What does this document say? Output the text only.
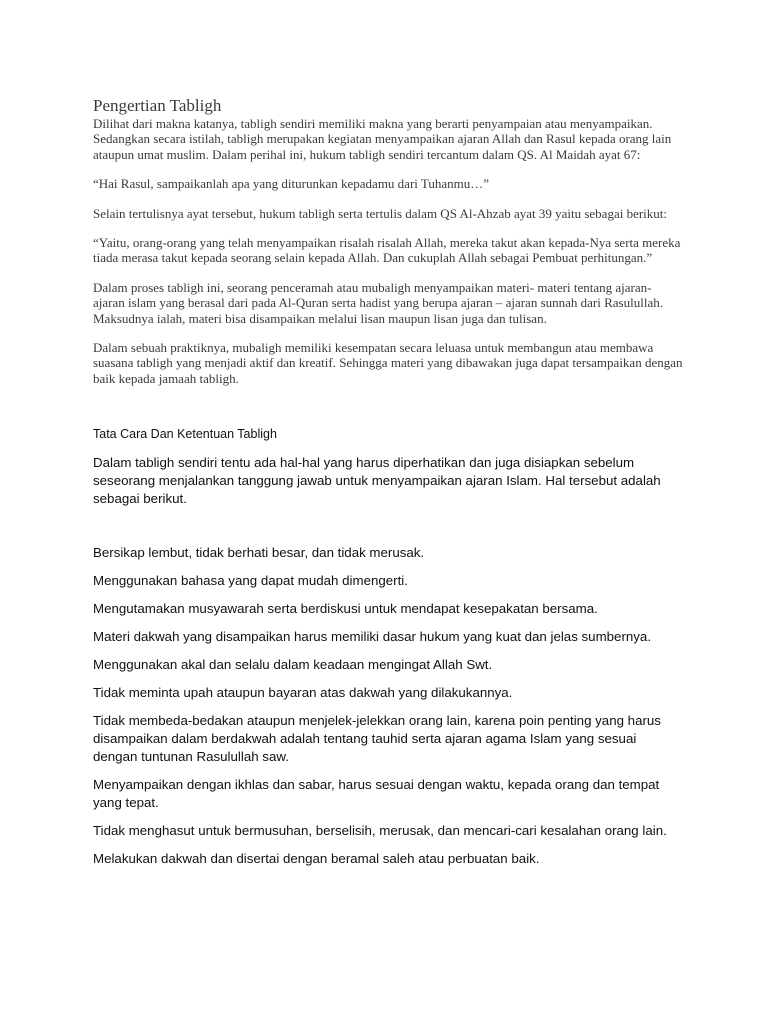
Pengertian Tabligh

Dilihat dari makna katanya, tabligh sendiri memiliki makna yang berarti penyampaian atau menyampaikan. Sedangkan secara istilah, tabligh merupakan kegiatan menyampaikan ajaran Allah dan Rasul kepada orang lain ataupun umat muslim. Dalam perihal ini, hukum tabligh sendiri tercantum dalam QS. Al Maidah ayat 67:

“Hai Rasul, sampaikanlah apa yang diturunkan kepadamu dari Tuhanmu…”

Selain tertulisnya ayat tersebut, hukum tabligh serta tertulis dalam QS Al-Ahzab ayat 39 yaitu sebagai berikut:

“Yaitu, orang-orang yang telah menyampaikan risalah risalah Allah, mereka takut akan kepada-Nya serta mereka tiada merasa takut kepada seorang selain kepada Allah. Dan cukuplah Allah sebagai Pembuat perhitungan.”

Dalam proses tabligh ini, seorang penceramah atau mubaligh menyampaikan materi- materi tentang ajaran-ajaran islam yang berasal dari pada Al-Quran serta hadist yang berupa ajaran – ajaran sunnah dari Rasulullah. Maksudnya ialah, materi bisa disampaikan melalui lisan maupun lisan juga dan tulisan.

Dalam sebuah praktiknya, mubaligh memiliki kesempatan secara leluasa untuk membangun atau membawa suasana tabligh yang menjadi aktif dan kreatif. Sehingga materi yang dibawakan juga dapat tersampaikan dengan baik kepada jamaah tabligh.

Tata Cara Dan Ketentuan Tabligh

Dalam tabligh sendiri tentu ada hal-hal yang harus diperhatikan dan juga disiapkan sebelum seseorang menjalankan tanggung jawab untuk menyampaikan ajaran Islam. Hal tersebut adalah sebagai berikut.

Bersikap lembut, tidak berhati besar, dan tidak merusak.
Menggunakan bahasa yang dapat mudah dimengerti.
Mengutamakan musyawarah serta berdiskusi untuk mendapat kesepakatan bersama.
Materi dakwah yang disampaikan harus memiliki dasar hukum yang kuat dan jelas sumbernya.
Menggunakan akal dan selalu dalam keadaan mengingat Allah Swt.
Tidak meminta upah ataupun bayaran atas dakwah yang dilakukannya.
Tidak membeda-bedakan ataupun menjelek-jelekkan orang lain, karena poin penting yang harus disampaikan dalam berdakwah adalah tentang tauhid serta ajaran agama Islam yang sesuai dengan tuntunan Rasulullah saw.
Menyampaikan dengan ikhlas dan sabar, harus sesuai dengan waktu, kepada orang dan tempat yang tepat.
Tidak menghasut untuk bermusuhan, berselisih, merusak, dan mencari-cari kesalahan orang lain.
Melakukan dakwah dan disertai dengan beramal saleh atau perbuatan baik.
